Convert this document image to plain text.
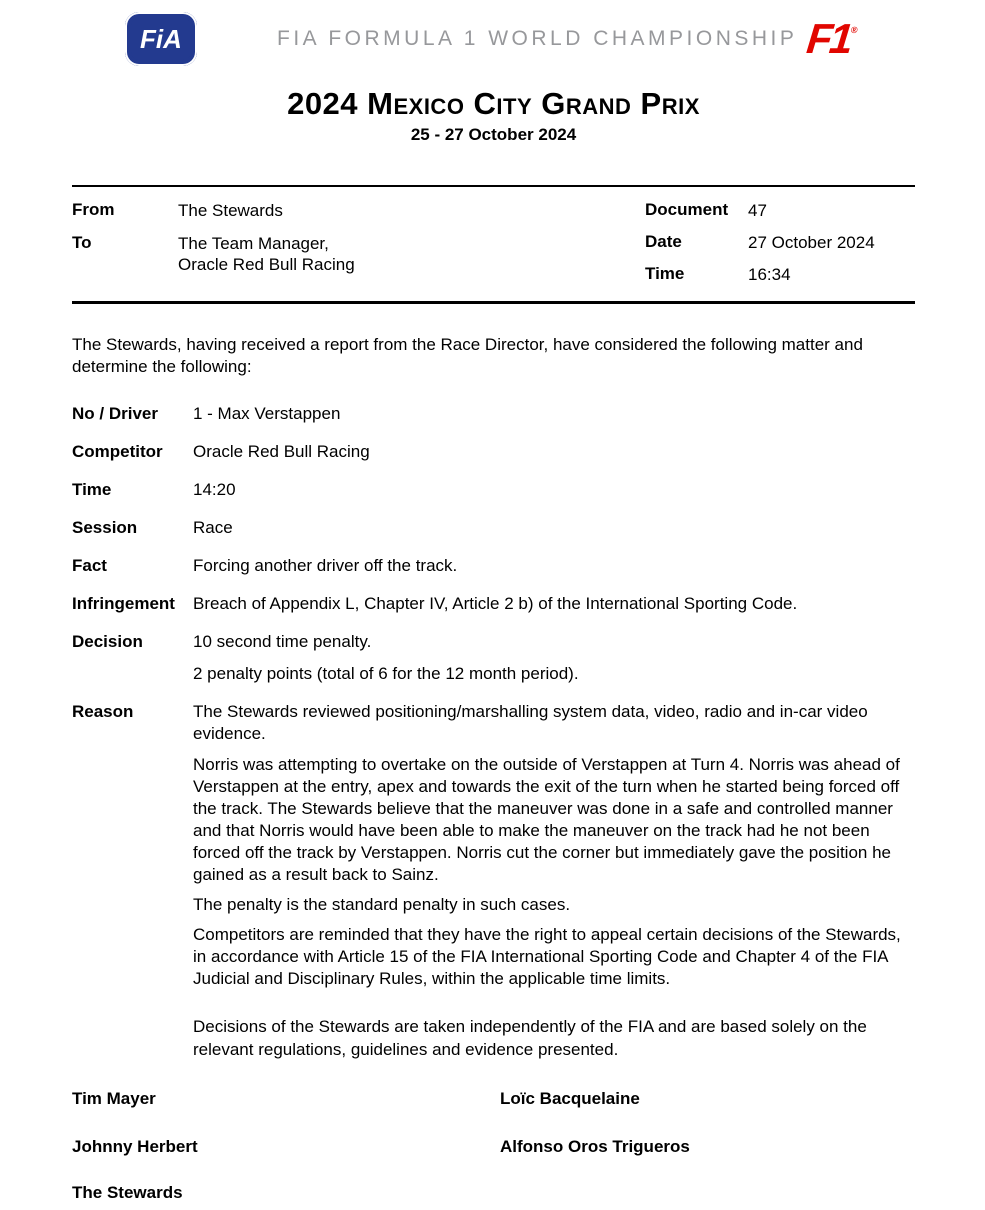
FiA	FIA FORMULA 1 WORLD CHAMPIONSHIP F1®
2024 Mexico City Grand Prix
25 - 27 October 2024
From	The Stewards
To	The Team Manager,
Oracle Red Bull Racing
Document	47
Date	27 October 2024
Time	16:34

The Stewards, having received a report from the Race Director, have considered the following matter and determine the following:

No / Driver	1 - Max Verstappen
Competitor	Oracle Red Bull Racing
Time	14:20
Session	Race
Fact	Forcing another driver off the track.
Infringement	Breach of Appendix L, Chapter IV, Article 2 b) of the International Sporting Code.
Decision	10 second time penalty.
2 penalty points (total of 6 for the 12 month period).
Reason	The Stewards reviewed positioning/marshalling system data, video, radio and in-car video evidence.

Norris was attempting to overtake on the outside of Verstappen at Turn 4. Norris was ahead of Verstappen at the entry, apex and towards the exit of the turn when he started being forced off the track. The Stewards believe that the maneuver was done in a safe and controlled manner and that Norris would have been able to make the maneuver on the track had he not been forced off the track by Verstappen. Norris cut the corner but immediately gave the position he gained as a result back to Sainz.

The penalty is the standard penalty in such cases.

Competitors are reminded that they have the right to appeal certain decisions of the Stewards, in accordance with Article 15 of the FIA International Sporting Code and Chapter 4 of the FIA Judicial and Disciplinary Rules, within the applicable time limits.

Decisions of the Stewards are taken independently of the FIA and are based solely on the relevant regulations, guidelines and evidence presented.

Tim Mayer	Loïc Bacquelaine
Johnny Herbert	Alfonso Oros Trigueros
The Stewards
